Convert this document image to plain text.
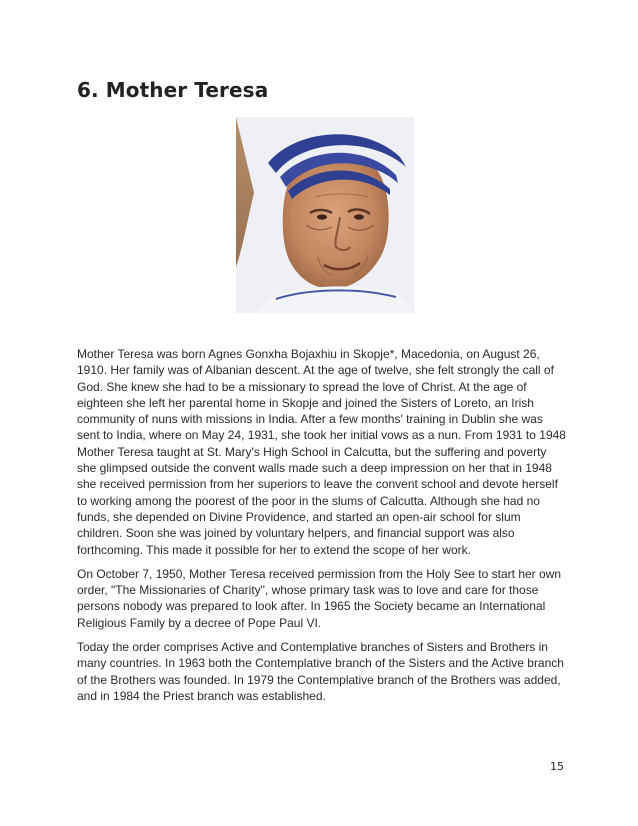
6. Mother Teresa

Mother Teresa was born Agnes Gonxha Bojaxhiu in Skopje*, Macedonia, on August 26, 1910. Her family was of Albanian descent. At the age of twelve, she felt strongly the call of God. She knew she had to be a missionary to spread the love of Christ. At the age of eighteen she left her parental home in Skopje and joined the Sisters of Loreto, an Irish community of nuns with missions in India. After a few months' training in Dublin she was sent to India, where on May 24, 1931, she took her initial vows as a nun. From 1931 to 1948 Mother Teresa taught at St. Mary's High School in Calcutta, but the suffering and poverty she glimpsed outside the convent walls made such a deep impression on her that in 1948 she received permission from her superiors to leave the convent school and devote herself to working among the poorest of the poor in the slums of Calcutta. Although she had no funds, she depended on Divine Providence, and started an open-air school for slum children. Soon she was joined by voluntary helpers, and financial support was also forthcoming. This made it possible for her to extend the scope of her work.

On October 7, 1950, Mother Teresa received permission from the Holy See to start her own order, "The Missionaries of Charity", whose primary task was to love and care for those persons nobody was prepared to look after. In 1965 the Society became an International Religious Family by a decree of Pope Paul VI.

Today the order comprises Active and Contemplative branches of Sisters and Brothers in many countries. In 1963 both the Contemplative branch of the Sisters and the Active branch of the Brothers was founded. In 1979 the Contemplative branch of the Brothers was added, and in 1984 the Priest branch was established.

15
